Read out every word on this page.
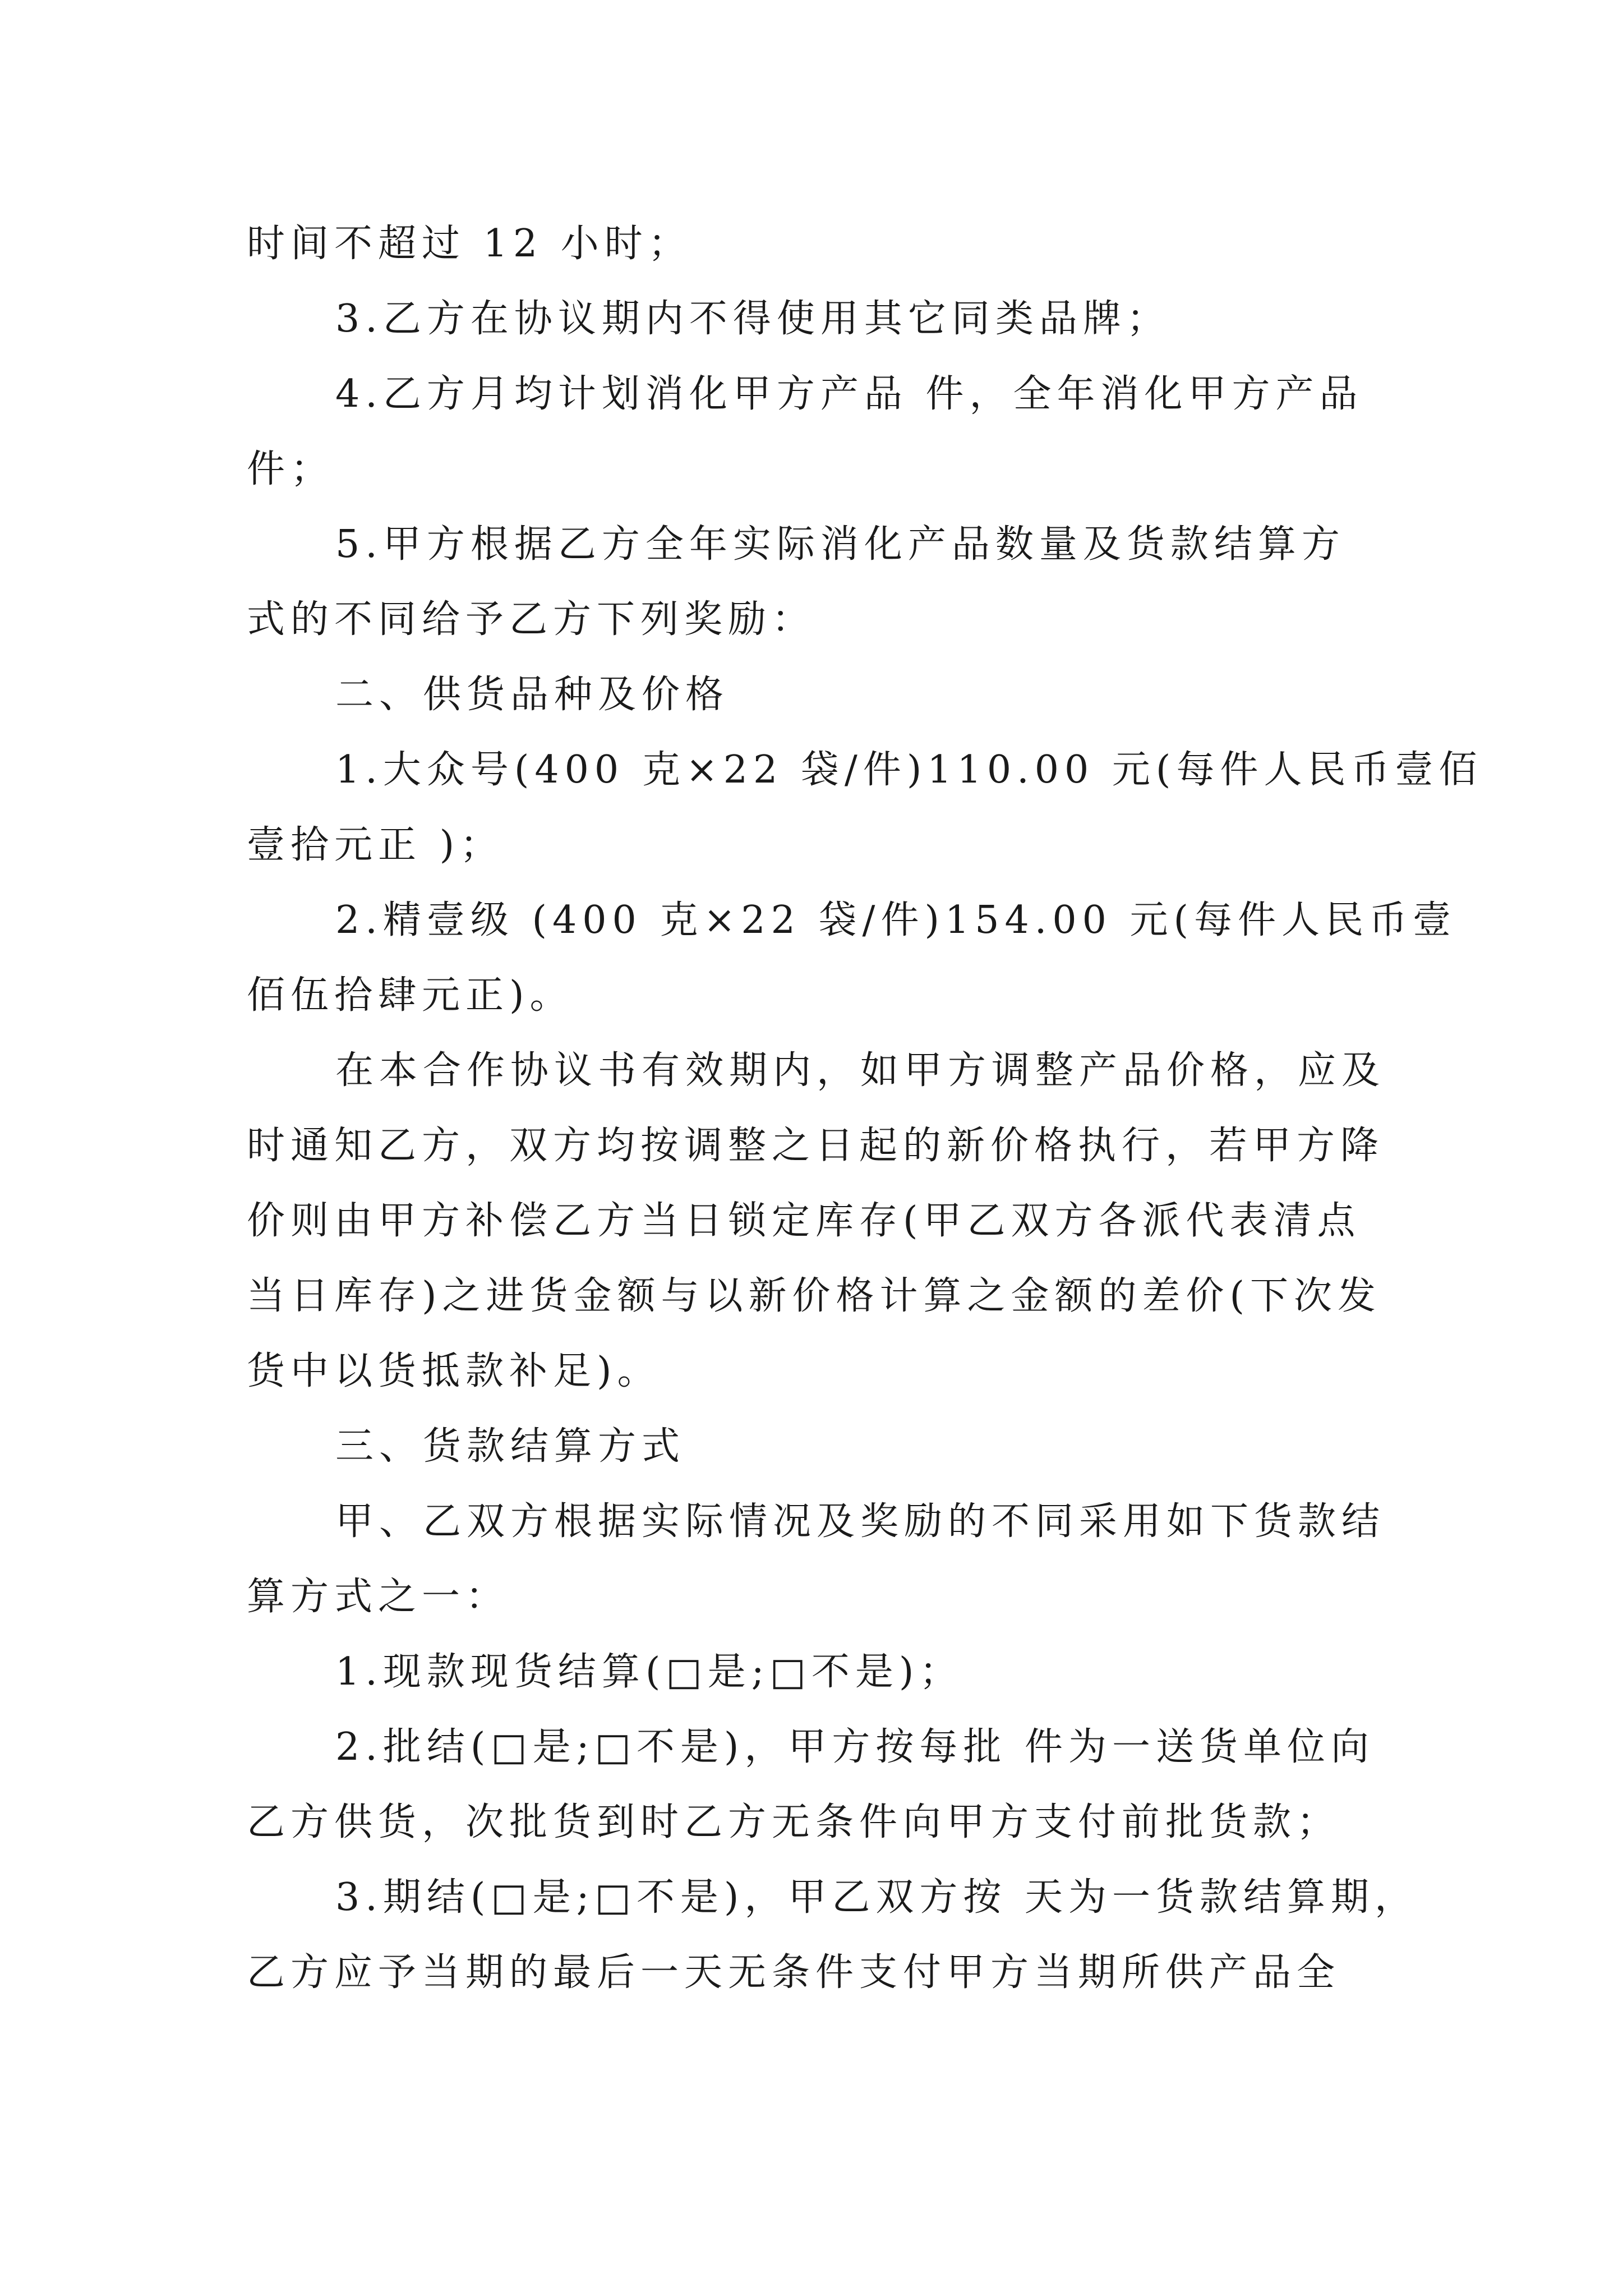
时间不超过 12 小时；
3.乙方在协议期内不得使用其它同类品牌；
4.乙方月均计划消化甲方产品 件，全年消化甲方产品
件；
5.甲方根据乙方全年实际消化产品数量及货款结算方
式的不同给予乙方下列奖励：
二、供货品种及价格
1.大众号(400 克×22 袋/件)110.00 元(每件人民币壹佰
壹拾元正 )；
2.精壹级 (400 克×22 袋/件)154.00 元(每件人民币壹
佰伍拾肆元正)。
在本合作协议书有效期内，如甲方调整产品价格，应及
时通知乙方，双方均按调整之日起的新价格执行，若甲方降
价则由甲方补偿乙方当日锁定库存(甲乙双方各派代表清点
当日库存)之进货金额与以新价格计算之金额的差价(下次发
货中以货抵款补足)。
三、货款结算方式
甲、乙双方根据实际情况及奖励的不同采用如下货款结
算方式之一：
1.现款现货结算(□是;□不是)；
2.批结(□是;□不是)，甲方按每批 件为一送货单位向
乙方供货，次批货到时乙方无条件向甲方支付前批货款；
3.期结(□是;□不是)，甲乙双方按 天为一货款结算期，
乙方应予当期的最后一天无条件支付甲方当期所供产品全
